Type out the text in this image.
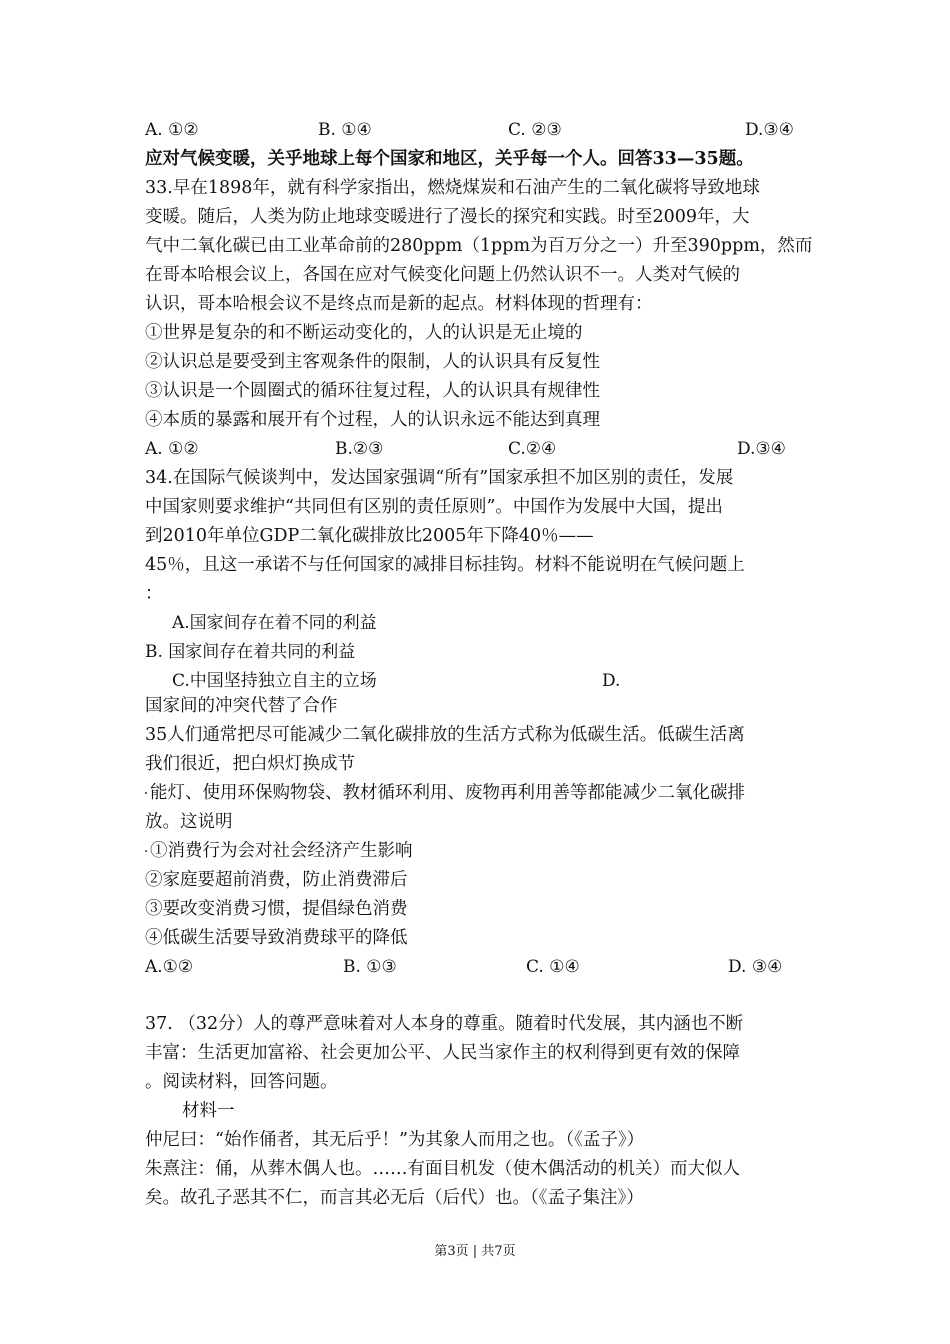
A. ①②	B. ①④	C. ②③	D.③④
应对气候变暖，关乎地球上每个国家和地区，关乎每一个人。回答33—35题。
33.早在1898年，就有科学家指出，燃烧煤炭和石油产生的二氧化碳将导致地球
变暖。随后，人类为防止地球变暖进行了漫长的探究和实践。时至2009年，大
气中二氧化碳已由工业革命前的280ppm（1ppm为百万分之一）升至390ppm，然而
在哥本哈根会议上，各国在应对气候变化问题上仍然认识不一。人类对气候的
认识，哥本哈根会议不是终点而是新的起点。材料体现的哲理有：
①世界是复杂的和不断运动变化的，人的认识是无止境的
②认识总是要受到主客观条件的限制，人的认识具有反复性
③认识是一个圆圈式的循环往复过程，人的认识具有规律性
④本质的暴露和展开有个过程，人的认识永远不能达到真理
A. ①②	B.②③	C.②④	D.③④
34.在国际气候谈判中，发达国家强调“所有”国家承担不加区别的责任，发展
中国家则要求维护“共同但有区别的责任原则”。中国作为发展中大国，提出
到2010年单位GDP二氧化碳排放比2005年下降40％——
45％，且这一承诺不与任何国家的减排目标挂钩。材料不能说明在气候问题上
：
A.国家间存在着不同的利益
B. 国家间存在着共同的利益
C.中国坚持独立自主的立场	D.
国家间的冲突代替了合作
35人们通常把尽可能减少二氧化碳排放的生活方式称为低碳生活。低碳生活离
我们很近，把白炽灯换成节
能灯、使用环保购物袋、教材循环利用、废物再利用善等都能减少二氧化碳排
放。这说明
①消费行为会对社会经济产生影响
②家庭要超前消费，防止消费滞后
③要改变消费习惯，提倡绿色消费
④低碳生活要导致消费球平的降低
A.①②	B. ①③	C. ①④	D. ③④
37. （32分）人的尊严意味着对人本身的尊重。随着时代发展，其内涵也不断
丰富：生活更加富裕、社会更加公平、人民当家作主的权利得到更有效的保障
。阅读材料，回答问题。
材料一
仲尼曰：“始作俑者，其无后乎！”为其象人而用之也。（《孟子》）
朱熹注：俑，从葬木偶人也。……有面目机发（使木偶活动的机关）而大似人
矣。故孔子恶其不仁，而言其必无后（后代）也。（《孟子集注》）
第3页 | 共7页
